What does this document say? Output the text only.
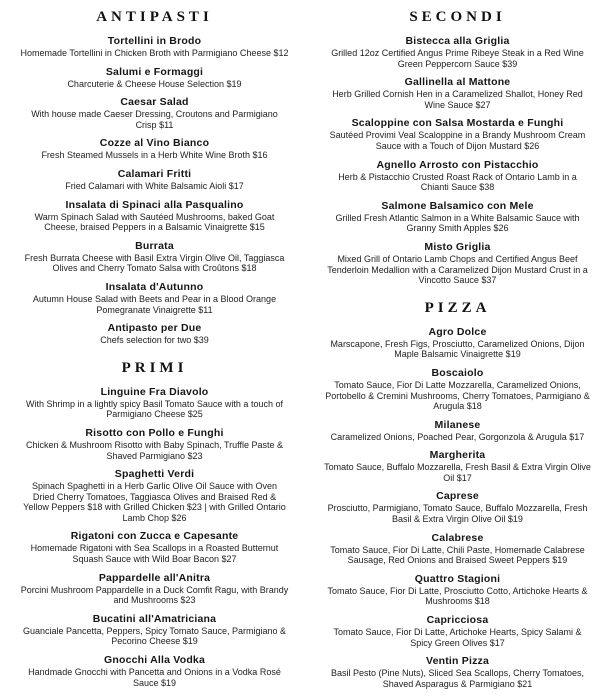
ANTIPASTI
Tortellini in Brodo
Homemade Tortellini in Chicken Broth with Parmigiano Cheese $12
Salumi e Formaggi
Charcuterie & Cheese House Selection $19
Caesar Salad
With house made Caeser Dressing, Croutons and Parmigiano Crisp $11
Cozze al Vino Bianco
Fresh Steamed Mussels in a Herb White Wine Broth $16
Calamari Fritti
Fried Calamari with White Balsamic Aioli $17
Insalata di Spinaci alla Pasqualino
Warm Spinach Salad with Sautéed Mushrooms, baked Goat Cheese, braised Peppers in a Balsamic Vinaigrette $15
Burrata
Fresh Burrata Cheese with Basil Extra Virgin Olive Oil, Taggiasca Olives and Cherry Tomato Salsa with Croûtons $18
Insalata d'Autunno
Autumn House Salad with Beets and Pear in a Blood Orange Pomegranate Vinaigrette $11
Antipasto per Due
Chefs selection for two $39
PRIMI
Linguine Fra Diavolo
With Shrimp in a lightly spicy Basil Tomato Sauce with a touch of Parmigiano Cheese $25
Risotto con Pollo e Funghi
Chicken & Mushroom Risotto with Baby Spinach, Truffle Paste & Shaved Parmigiano $23
Spaghetti Verdi
Spinach Spaghetti in a Herb Garlic Olive Oil Sauce with Oven Dried Cherry Tomatoes, Taggiasca Olives and Braised Red & Yellow Peppers $18 with Grilled Chicken $23 | with Grilled Ontario Lamb Chop $26
Rigatoni con Zucca e Capesante
Homemade Rigatoni with Sea Scallops in a Roasted Butternut Squash Sauce with Wild Boar Bacon $27
Pappardelle all'Anitra
Porcini Mushroom Pappardelle in a Duck Comfit Ragu, with Brandy and Mushrooms $23
Bucatini all'Amatriciana
Guanciale Pancetta, Peppers, Spicy Tomato Sauce, Parmigiano & Pecorino Cheese $19
Gnocchi Alla Vodka
Handmade Gnocchi with Pancetta and Onions in a Vodka Rosé Sauce $19
SECONDI
Bistecca alla Griglia
Grilled 12oz Certified Angus Prime Ribeye Steak in a Red Wine Green Peppercorn Sauce $39
Gallinella al Mattone
Herb Grilled Cornish Hen in a Caramelized Shallot, Honey Red Wine Sauce $27
Scaloppine con Salsa Mostarda e Funghi
Sautéed Provimi Veal Scaloppine in a Brandy Mushroom Cream Sauce with a Touch of Dijon Mustard $26
Agnello Arrosto con Pistacchio
Herb & Pistacchio Crusted Roast Rack of Ontario Lamb in a Chianti Sauce $38
Salmone Balsamico con Mele
Grilled Fresh Atlantic Salmon in a White Balsamic Sauce with Granny Smith Apples $26
Misto Griglia
Mixed Grill of Ontario Lamb Chops and Certified Angus Beef Tenderloin Medallion with a Caramelized Dijon Mustard Crust in a Vincotto Sauce $37
PIZZA
Agro Dolce
Marscapone, Fresh Figs, Prosciutto, Caramelized Onions, Dijon Maple Balsamic Vinaigrette $19
Boscaiolo
Tomato Sauce, Fior Di Latte Mozzarella, Caramelized Onions, Portobello & Cremini Mushrooms, Cherry Tomatoes, Parmigiano & Arugula $18
Milanese
Caramelized Onions, Poached Pear, Gorgonzola & Arugula $17
Margherita
Tomato Sauce, Buffalo Mozzarella, Fresh Basil & Extra Virgin Olive Oil $17
Caprese
Prosciutto, Parmigiano, Tomato Sauce, Buffalo Mozzarella, Fresh Basil & Extra Virgin Olive Oil $19
Calabrese
Tomato Sauce, Fior Di Latte, Chili Paste, Homemade Calabrese Sausage, Red Onions and Braised Sweet Peppers $19
Quattro Stagioni
Tomato Sauce, Fior Di Latte, Prosciutto Cotto, Artichoke Hearts & Mushrooms $18
Capricciosa
Tomato Sauce, Fior Di Latte, Artichoke Hearts, Spicy Salami & Spicy Green Olives $17
Ventin Pizza
Basil Pesto (Pine Nuts), Sliced Sea Scallops, Cherry Tomatoes, Shaved Asparagus & Parmigiano $21
